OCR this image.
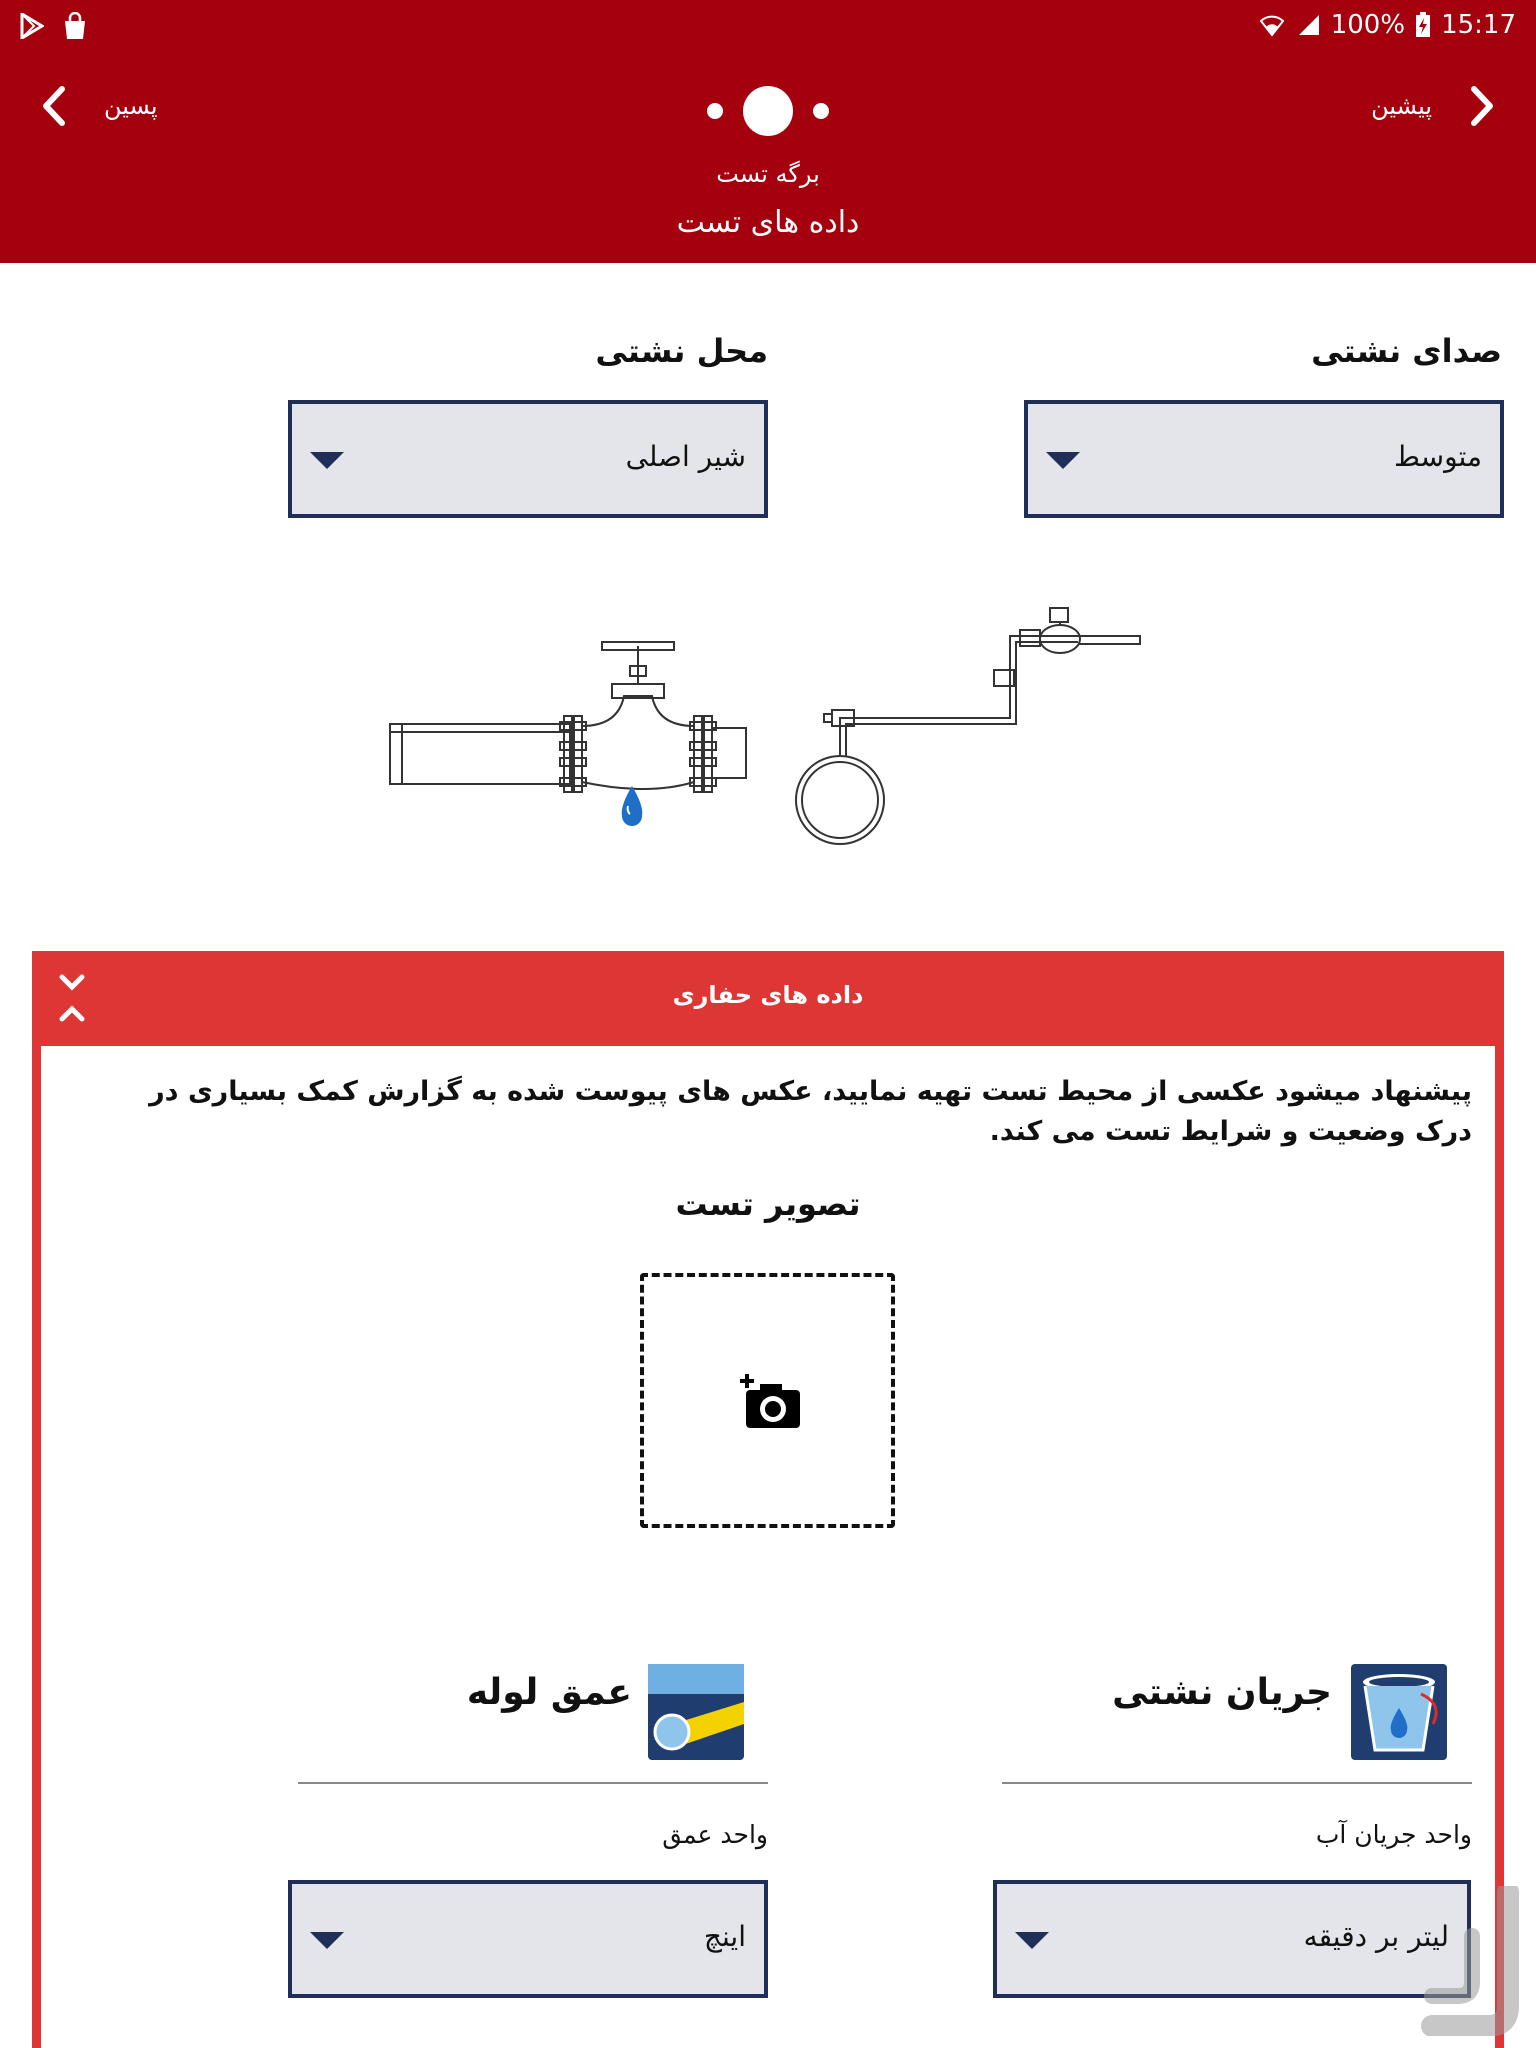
100% 15:17
پسین	پیشین
برگه تست
داده های تست
صدای نشتی
متوسط
محل نشتی
شیر اصلی
داده های حفاری
پیشنهاد میشود عکسی از محیط تست تهیه نمایید، عکس های پیوست شده به گزارش کمک بسیاری در درک وضعیت و شرایط تست می کند.
تصویر تست
جریان نشتی
واحد جریان آب
لیتر بر دقیقه
عمق لوله
واحد عمق
اینچ
